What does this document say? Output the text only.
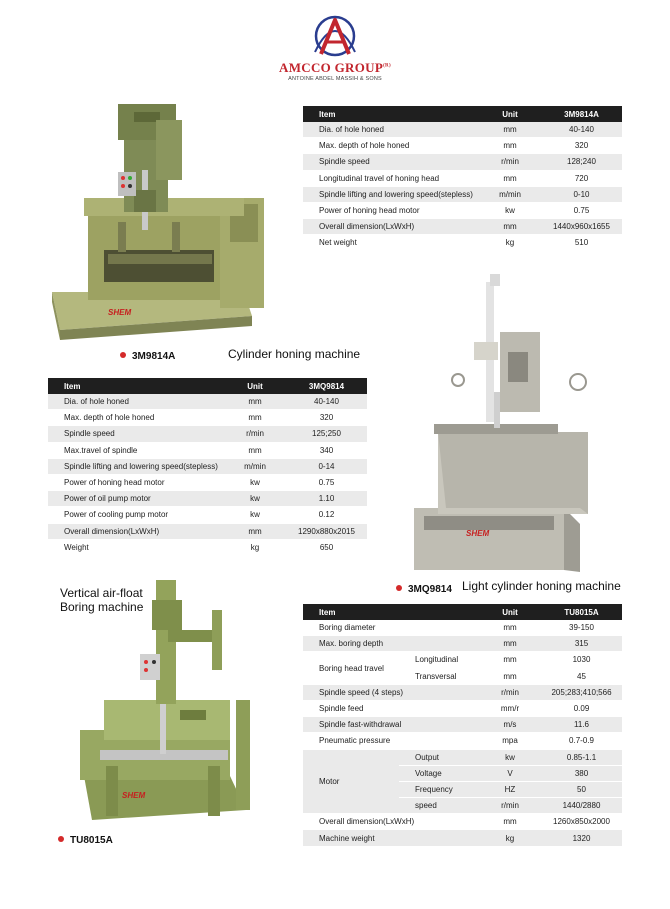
AMCCO $GROUP^{(R)}$
ANTOINE ABDEL MASSIH & SONS
SHEM
Item	Unit	3M9814A
Dia. of hole honed	mm	40-140
Max. depth of hole honed	mm	320
Spindle speed	r/min	128;240
Longitudinal travel of honing head	mm	720
Spindle lifting and lowering speed(stepless)	m/min	0-10
Power of honing head motor	kw	0.75
Overall dimension(LxWxH)	mm	1440x960x1655
Net weight	kg	510
3M9814A	Cylinder honing machine
Item	Unit	3MQ9814
Dia. of hole honed	mm	40-140
Max. depth of hole honed	mm	320
Spindle speed	r/min	125;250
Max.travel of spindle	mm	340
Spindle lifting and lowering speed(stepless)	m/min	0-14
Power of honing head motor	kw	0.75
Power of oil pump motor	kw	1.10
Power of cooling pump motor	kw	0.12
Overall dimension(LxWxH)	mm	1290x880x2015
Weight	kg	650
SHEM
3MQ9814 Light cylinder honing machine
Vertical air-float
Boring machine
SHEM
TU8015A
Item		Unit	TU8015A
Boring diameter		mm	39-150
Max. boring depth		mm	315
Boring head travel	Longitudinal	mm	1030
	Transversal	mm	45
Spindle speed (4 steps)		r/min	205;283;410;566
Spindle feed		mm/r	0.09
Spindle fast-withdrawal		m/s	11.6
Pneumatic pressure		mpa	0.7-0.9
Motor	Output	kw	0.85-1.1
	Voltage	V	380
	Frequency	HZ	50
	speed	r/min	1440/2880
Overall dimension(LxWxH)		mm	1260x850x2000
Machine weight		kg	1320
